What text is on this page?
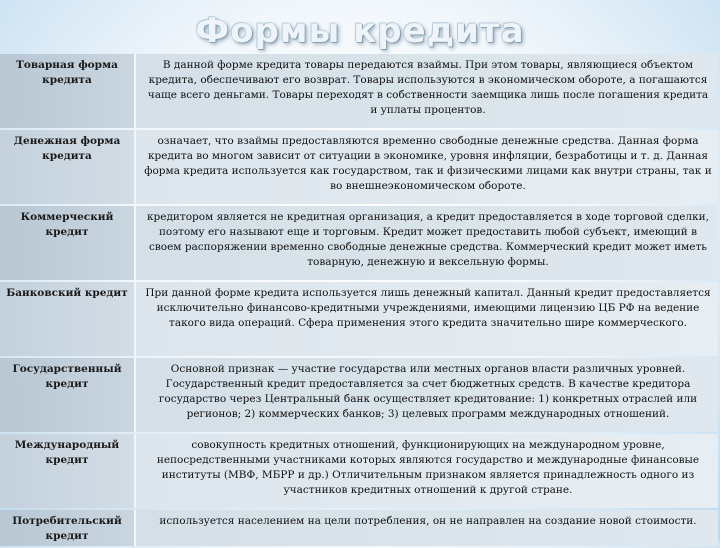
Формы кредита
Товарная форма кредита	В данной форме кредита товары передаются взаймы. При этом товары, являющиеся объектом кредита, обеспечивают его возврат. Товары используются в экономическом обороте, а погашаются чаще всего деньгами. Товары переходят в собственности заемщика лишь после погашения кредита и уплаты процентов.
Денежная форма кредита	означает, что взаймы предоставляются временно свободные денежные средства. Данная форма кредита во многом зависит от ситуации в экономике, уровня инфляции, безработицы и т. д. Данная форма кредита используется как государством, так и физическими лицами как внутри страны, так и во внешнеэкономическом обороте.
Коммерческий кредит	кредитором является не кредитная организация, а кредит предоставляется в ходе торговой сделки, поэтому его называют еще и торговым. Кредит может предоставить любой субъект, имеющий в своем распоряжении временно свободные денежные средства. Коммерческий кредит может иметь товарную, денежную и вексельную формы.
Банковский кредит	При данной форме кредита используется лишь денежный капитал. Данный кредит предоставляется исключительно финансово-кредитными учреждениями, имеющими лицензию ЦБ РФ на ведение такого вида операций. Сфера применения этого кредита значительно шире коммерческого.
Государственный кредит	Основной признак — участие государства или местных органов власти различных уровней. Государственный кредит предоставляется за счет бюджетных средств. В качестве кредитора государство через Центральный банк осуществляет кредитование: 1) конкретных отраслей или регионов; 2) коммерческих банков; 3) целевых программ международных отношений.
Международный кредит	совокупность кредитных отношений, функционирующих на международном уровне, непосредственными участниками которых являются государство и международные финансовые институты (МВФ, МБРР и др.) Отличительным признаком является принадлежность одного из участников кредитных отношений к другой стране.
Потребительский кредит	используется населением на цели потребления, он не направлен на создание новой стоимости.
